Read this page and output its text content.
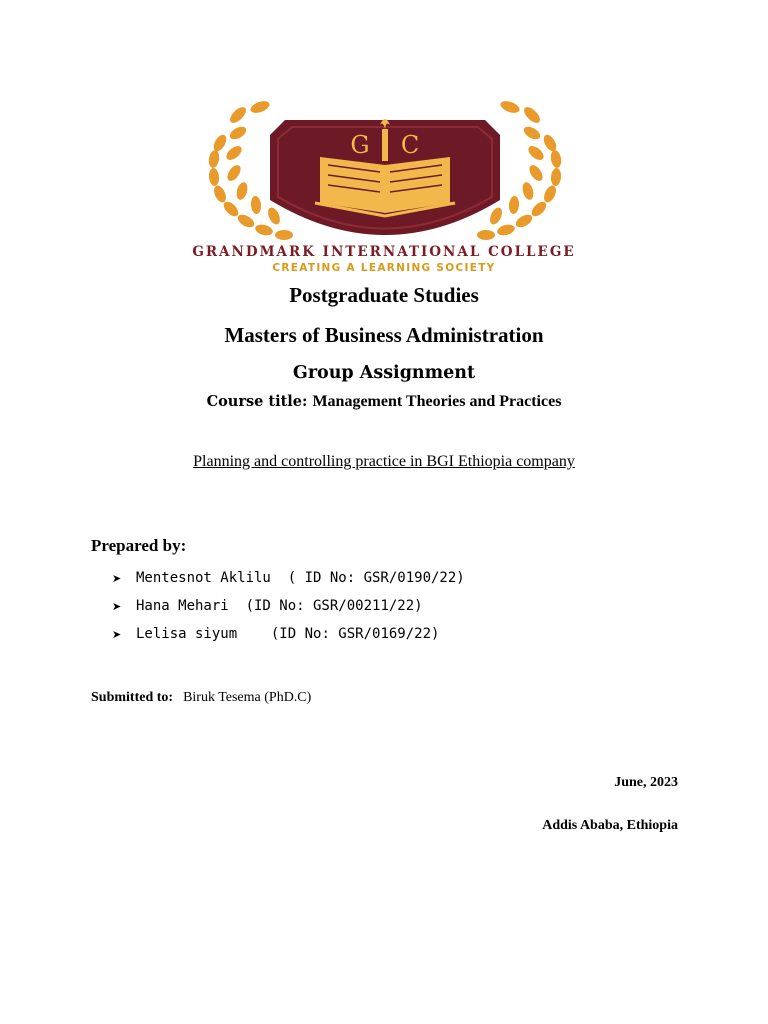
G C
GRANDMARK INTERNATIONAL COLLEGE
CREATING A LEARNING SOCIETY
Postgraduate Studies
Masters of Business Administration
Group Assignment
Course title: Management Theories and Practices
Planning and controlling practice in BGI Ethiopia company
Prepared by:
➤	Mentesnot Aklilu
( ID No: GSR/0190/22)
➤	Hana Mehari
(ID No: GSR/00211/22)
➤	Lelisa siyum
(ID No: GSR/0169/22)
Submitted to: Biruk Tesema (PhD.C)
June, 2023
Addis Ababa, Ethiopia
